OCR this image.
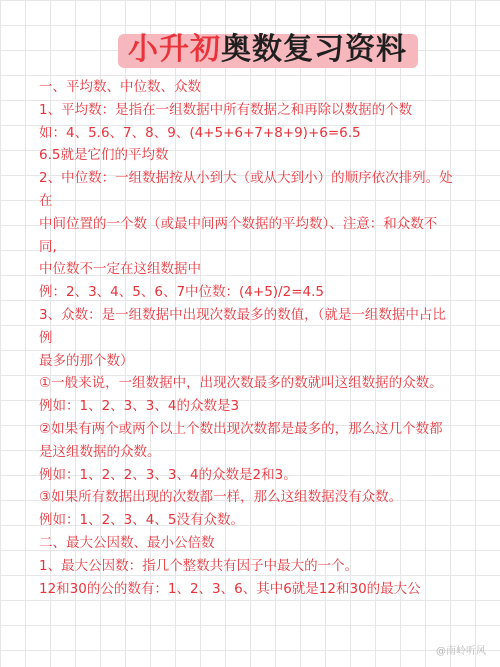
小升初奥数复习资料
一、平均数、中位数、众数
1、平均数：是指在一组数据中所有数据之和再除以数据的个数
如：4、5.6、7、8、9、(4+5+6+7+8+9)+6=6.5
6.5就是它们的平均数
2、中位数：一组数据按从小到大（或从大到小）的顺序依次排列。处
在
中间位置的一个数（或最中间两个数据的平均数）、注意：和众数不
同,
中位数不一定在这组数据中
例：2、3、4、5、6、7中位数：(4+5)/2=4.5
3、众数：是一组数据中出现次数最多的数值，（就是一组数据中占比
例
最多的那个数）
①一般来说，一组数据中，出现次数最多的数就叫这组数据的众数。
例如：1、2、3、3、4的众数是3
②如果有两个或两个以上个数出现次数都是最多的，那么这几个数都
是这组数据的众数。
例如：1、2、2、3、3、4的众数是2和3。
③如果所有数据出现的次数都一样，那么这组数据没有众数。
例如：1、2、3、4、5没有众数。
二、最大公因数、最小公倍数
1、最大公因数：指几个整数共有因子中最大的一个。
12和30的公的数有：1、2、3、6、其中6就是12和30的最大公
@南岭听风
